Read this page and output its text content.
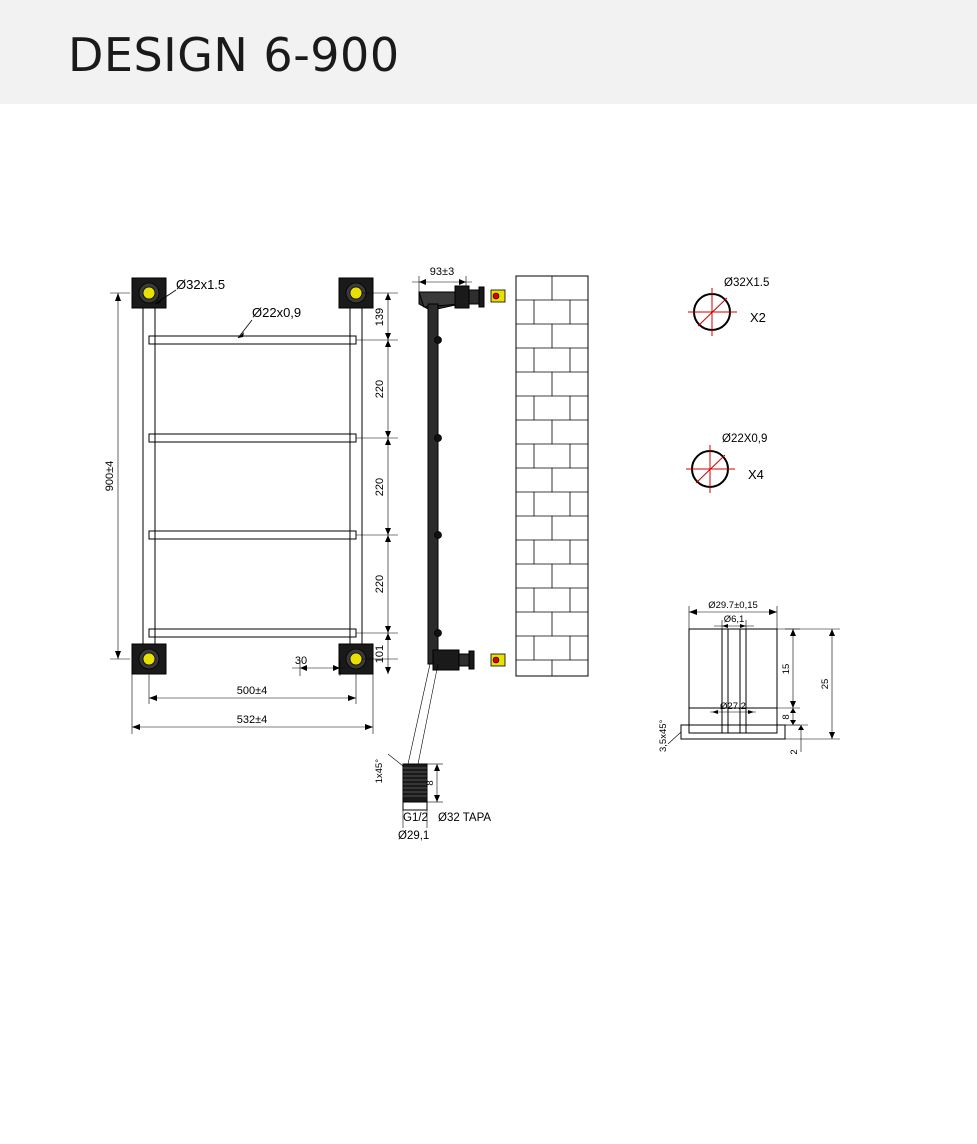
DESIGN 6-900
Ø32x1.5
Ø22x0,9
900±4
139
220
220
220
101
30
500±4
532±4
93±3
1x45°	8
G1/2
Ø29,1
Ø32 TAPA
Ø32X1.5
X2
Ø22X0,9
X4
Ø29.7±0,15
Ø6,1
Ø27.2
15
25
8
2
3,5x45°
